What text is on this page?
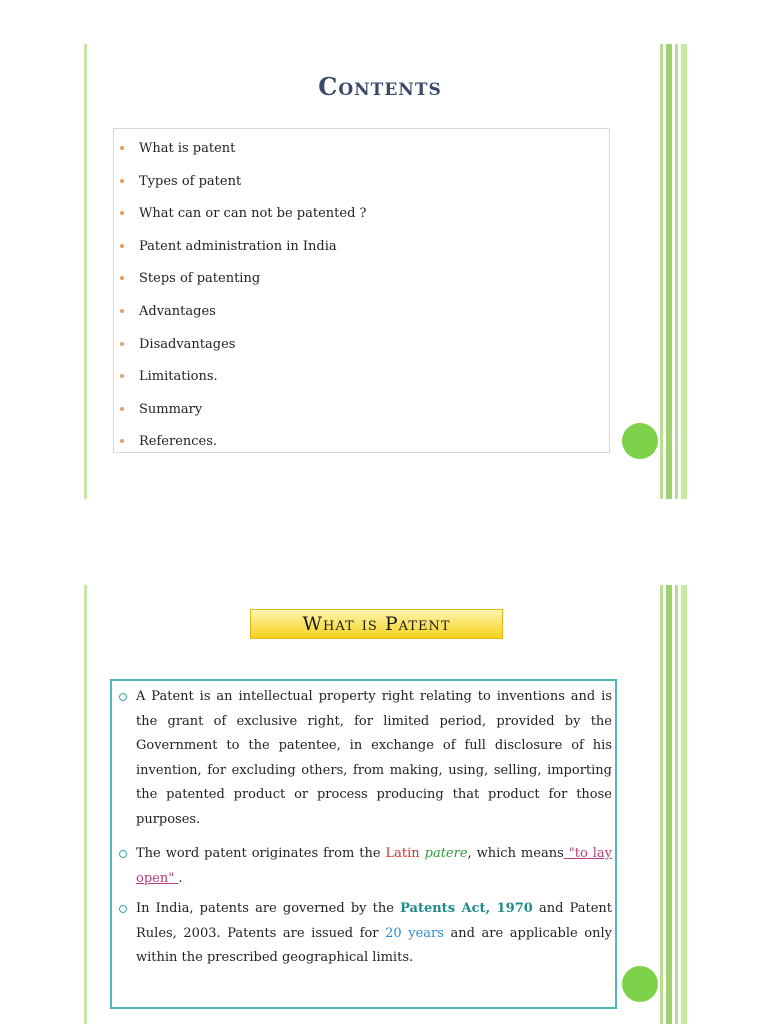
Contents
What is patent
Types of patent
What can or can not be patented ?
Patent administration in India
Steps of patenting
Advantages
Disadvantages
Limitations.
Summary
References.
What is Patent

A Patent is an intellectual property right relating to inventions and is the grant of exclusive right, for limited period, provided by the Government to the patentee, in exchange of full disclosure of his invention, for excluding others, from making, using, selling, importing the patented product or process producing that product for those purposes.

The word patent originates from the Latin patere, which means "to lay open" .

In India, patents are governed by the Patents Act, 1970 and Patent Rules, 2003. Patents are issued for 20 years and are applicable only within the prescribed geographical limits.
